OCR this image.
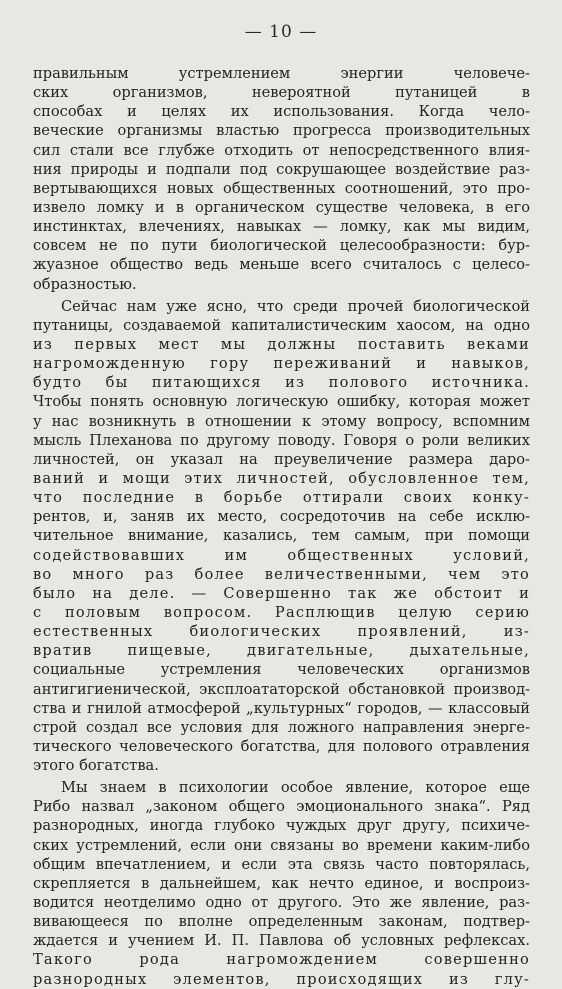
— 10 —
правильным устремлением энергии человече-
ских организмов, невероятной путаницей в
способах и целях их использования. Когда чело-
веческие организмы властью прогресса производительных
сил стали все глубже отходить от непосредственного влия-
ния природы и подпали под сокрушающее воздействие раз-
вертывающихся новых общественных соотношений, это про-
извело ломку и в органическом существе человека, в его
инстинктах, влечениях, навыках — ломку, как мы видим,
совсем не по пути биологической целесообразности: бур-
жуазное общество ведь меньше всего считалось с целесо-
образностью.
Сейчас нам уже ясно, что среди прочей биологической
путаницы, создаваемой капиталистическим хаосом, на одно
из первых мест мы должны поставить веками
нагроможденную гору переживаний и навыков,
будто бы питающихся из полового источника.
Чтобы понять основную логическую ошибку, которая может
у нас возникнуть в отношении к этому вопросу, вспомним
мысль Плеханова по другому поводу. Говоря о роли великих
личностей, он указал на преувеличение размера даро-
ваний и мощи этих личностей, обусловленное тем,
что последние в борьбе оттирали своих конку-
рентов, и, заняв их место, сосредоточив на себе исклю-
чительное внимание, казались, тем самым, при помощи
содействовавших им общественных условий,
во много раз более величественными, чем это
было на деле. — Совершенно так же обстоит и
с половым вопросом. Расплющив целую серию
естественных биологических проявлений, из-
вратив пищевые, двигательные, дыхательные,
социальные устремления человеческих организмов
антигигиенической, эксплоататорской обстановкой производ-
ства и гнилой атмосферой „культурных“ городов, — классовый
строй создал все условия для ложного направления энерге-
тического человеческого богатства, для полового отравления
этого богатства.
Мы знаем в психологии особое явление, которое еще
Рибо назвал „законом общего эмоционального знака“. Ряд
разнородных, иногда глубоко чуждых друг другу, психиче-
ских устремлений, если они связаны во времени каким-либо
общим впечатлением, и если эта связь часто повторялась,
скрепляется в дальнейшем, как нечто единое, и воспроиз-
водится неотделимо одно от другого. Это же явление, раз-
вивающееся по вполне определенным законам, подтвер-
ждается и учением И. П. Павлова об условных рефлексах.
Такого рода нагромождением совершенно
разнородных элементов, происходящих из глу-
